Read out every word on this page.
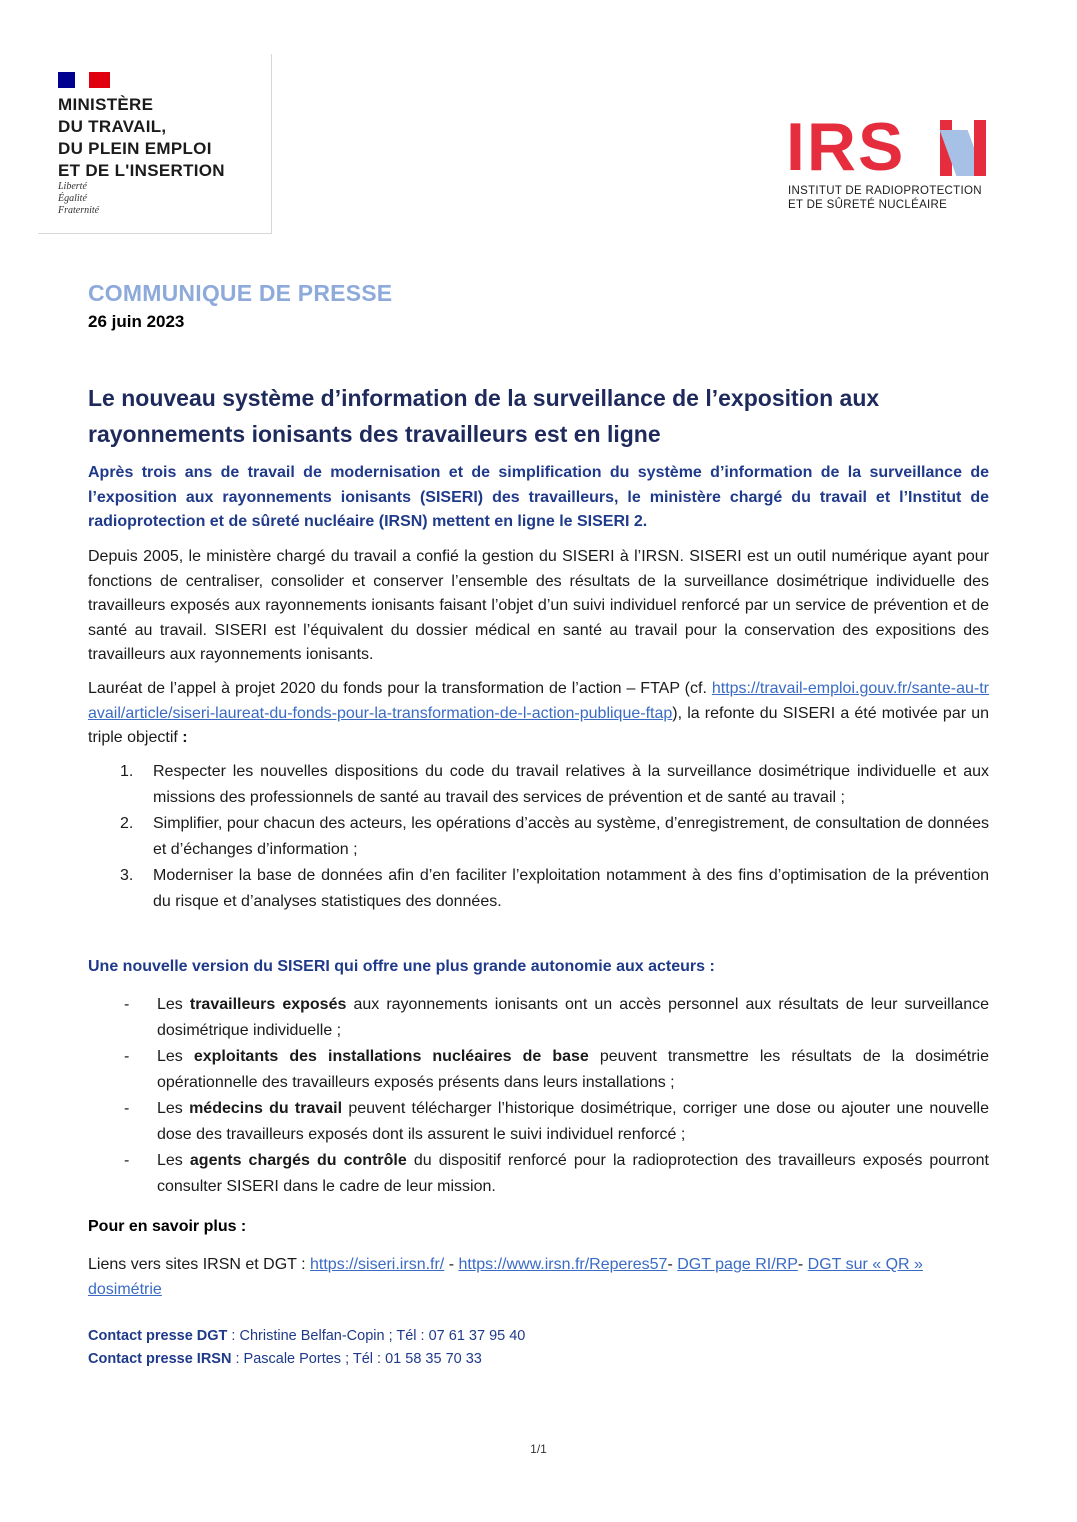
MINISTÈRE
DU TRAVAIL,
DU PLEIN EMPLOI
ET DE L'INSERTION
Liberté
Égalité
Fraternité
IRS
INSTITUT DE RADIOPROTECTION
ET DE SÛRETÉ NUCLÉAIRE
COMMUNIQUE DE PRESSE
26 juin 2023
Le nouveau système d’information de la surveillance de l’exposition aux rayonnements ionisants des travailleurs est en ligne
Après trois ans de travail de modernisation et de simplification du système d’information de la surveillance de l’exposition aux rayonnements ionisants (SISERI) des travailleurs, le ministère chargé du travail et l’Institut de radioprotection et de sûreté nucléaire (IRSN) mettent en ligne le SISERI 2.
Depuis 2005, le ministère chargé du travail a confié la gestion du SISERI à l’IRSN. SISERI est un outil numérique ayant pour fonctions de centraliser, consolider et conserver l’ensemble des résultats de la surveillance dosimétrique individuelle des travailleurs exposés aux rayonnements ionisants faisant l’objet d’un suivi individuel renforcé par un service de prévention et de santé au travail. SISERI est l’équivalent du dossier médical en santé au travail pour la conservation des expositions des travailleurs aux rayonnements ionisants.
Lauréat de l’appel à projet 2020 du fonds pour la transformation de l’action – FTAP (cf. https://travail-emploi.gouv.fr/sante-au-travail/article/siseri-laureat-du-fonds-pour-la-transformation-de-l-action-publique-ftap), la refonte du SISERI a été motivée par un triple objectif :
1. Respecter les nouvelles dispositions du code du travail relatives à la surveillance dosimétrique individuelle et aux missions des professionnels de santé au travail des services de prévention et de santé au travail ;
2. Simplifier, pour chacun des acteurs, les opérations d’accès au système, d’enregistrement, de consultation de données et d’échanges d’information ;
3. Moderniser la base de données afin d’en faciliter l’exploitation notamment à des fins d’optimisation de la prévention du risque et d’analyses statistiques des données.
Une nouvelle version du SISERI qui offre une plus grande autonomie aux acteurs :
- Les travailleurs exposés aux rayonnements ionisants ont un accès personnel aux résultats de leur surveillance dosimétrique individuelle ;
- Les exploitants des installations nucléaires de base peuvent transmettre les résultats de la dosimétrie opérationnelle des travailleurs exposés présents dans leurs installations ;
- Les médecins du travail peuvent télécharger l’historique dosimétrique, corriger une dose ou ajouter une nouvelle dose des travailleurs exposés dont ils assurent le suivi individuel renforcé ;
- Les agents chargés du contrôle du dispositif renforcé pour la radioprotection des travailleurs exposés pourront consulter SISERI dans le cadre de leur mission.
Pour en savoir plus :
Liens vers sites IRSN et DGT : https://siseri.irsn.fr/ - https://www.irsn.fr/Reperes57- DGT page RI/RP- DGT sur « QR » dosimétrie
Contact presse DGT : Christine Belfan-Copin ; Tél : 07 61 37 95 40
Contact presse IRSN : Pascale Portes ; Tél : 01 58 35 70 33
1/1
